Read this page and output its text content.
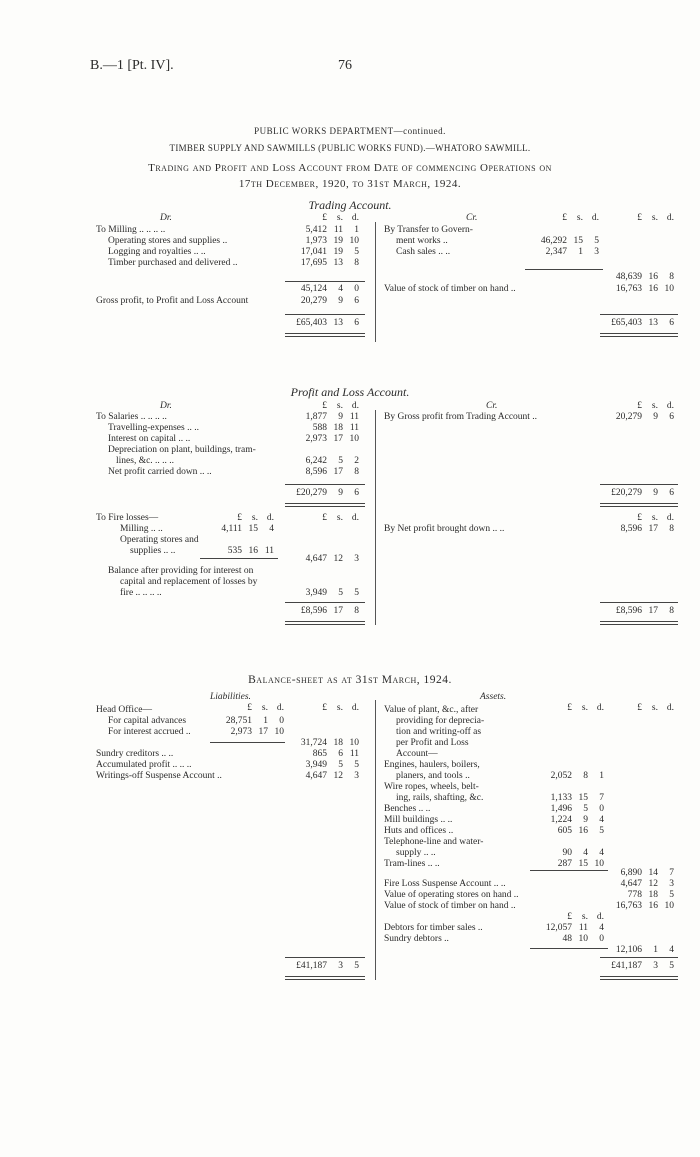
B.—1 [Pt. IV].	76
PUBLIC WORKS DEPARTMENT—continued.
TIMBER SUPPLY AND SAWMILLS (PUBLIC WORKS FUND).—WHATORO SAWMILL.
Trading and Profit and Loss Account from Date of commencing Operations on
17th December, 1920, to 31st March, 1924.
Trading Account.
Dr.	Cr.
£ s. d.	£ s. d.	£ s. d.
To Milling .. .. .. ..	5,412 11 1
Operating stores and supplies ..	1,973 19 10
Logging and royalties .. ..	17,041 19 5
Timber purchased and delivered ..	17,695 13 8
45,124 4 0
Gross profit, to Profit and Loss Account	20,279 9 6
£65,403 13 6
By Transfer to Govern-
ment works ..	46,292 15 5
Cash sales .. ..	2,347 1 3
48,639 16 8
Value of stock of timber on hand ..	16,763 16 10
£65,403 13 6
Profit and Loss Account.
Dr.	Cr.
£ s. d.	£ s. d.
To Salaries .. .. .. ..	1,877 9 11
Travelling-expenses .. ..	588 18 11
Interest on capital .. ..	2,973 17 10
Depreciation on plant, buildings, tram-
lines, &c. .. .. ..	6,242 5 2
Net profit carried down .. ..	8,596 17 8
£20,279 9 6
By Gross profit from Trading Account ..	20,279 9 6
£20,279 9 6
To Fire losses—	£ s. d.	£ s. d.	£ s. d.
Milling .. ..	4,111 15 4
Operating stores and
supplies .. ..	535 16 11
4,647 12 3
Balance after providing for interest on
capital and replacement of losses by
fire .. .. .. ..	3,949 5 5
£8,596 17 8
By Net profit brought down .. ..	8,596 17 8
£8,596 17 8
Balance-sheet as at 31st March, 1924.
Liabilities.	Assets.
£ s. d.	£ s. d.	£ s. d.	£ s. d.
Head Office—
For capital advances	28,751 1 0
For interest accrued ..	2,973 17 10
31,724 18 10
Sundry creditors .. ..	865 6 11
Accumulated profit .. .. ..	3,949 5 5
Writings-off Suspense Account ..	4,647 12 3
£41,187 3 5
Value of plant, &c., after
providing for deprecia-
tion and writing-off as
per Profit and Loss
Account—
Engines, haulers, boilers,
planers, and tools ..	2,052 8 1
Wire ropes, wheels, belt-
ing, rails, shafting, &c.	1,133 15 7
Benches .. ..	1,496 5 0
Mill buildings .. ..	1,224 9 4
Huts and offices ..	605 16 5
Telephone-line and water-
supply .. ..	90 4 4
Tram-lines .. ..	287 15 10
6,890 14 7
Fire Loss Suspense Account .. ..	4,647 12 3
Value of operating stores on hand ..	778 18 5
Value of stock of timber on hand ..	16,763 16 10
£ s. d.
Debtors for timber sales ..	12,057 11 4
Sundry debtors ..	48 10 0
12,106 1 4
£41,187 3 5
